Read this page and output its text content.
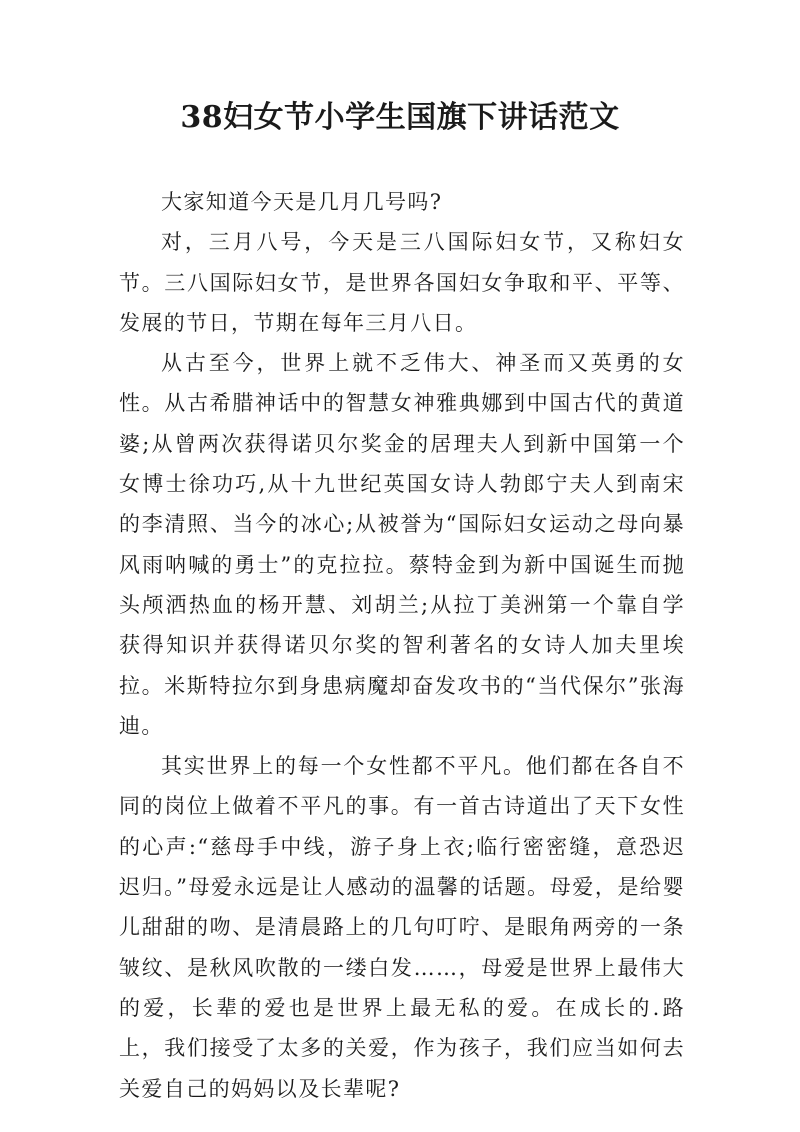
38妇女节小学生国旗下讲话范文

大家知道今天是几月几号吗?

对，三月八号，今天是三八国际妇女节，又称妇女节。三八国际妇女节，是世界各国妇女争取和平、平等、发展的节日，节期在每年三月八日。

从古至今，世界上就不乏伟大、神圣而又英勇的女性。从古希腊神话中的智慧女神雅典娜到中国古代的黄道婆;从曾两次获得诺贝尔奖金的居理夫人到新中国第一个女博士徐功巧,从十九世纪英国女诗人勃郎宁夫人到南宋的李清照、当今的冰心;从被誉为“国际妇女运动之母向暴风雨呐喊的勇士”的克拉拉。蔡特金到为新中国诞生而抛头颅洒热血的杨开慧、刘胡兰;从拉丁美洲第一个靠自学获得知识并获得诺贝尔奖的智利著名的女诗人加夫里埃拉。米斯特拉尔到身患病魔却奋发攻书的“当代保尔”张海迪。

其实世界上的每一个女性都不平凡。他们都在各自不同的岗位上做着不平凡的事。有一首古诗道出了天下女性的心声:“慈母手中线，游子身上衣;临行密密缝，意恐迟迟归。”母爱永远是让人感动的温馨的话题。母爱，是给婴儿甜甜的吻、是清晨路上的几句叮咛、是眼角两旁的一条皱纹、是秋风吹散的一缕白发……，母爱是世界上最伟大的爱，长辈的爱也是世界上最无私的爱。在成长的.路上，我们接受了太多的关爱，作为孩子，我们应当如何去关爱自己的妈妈以及长辈呢?
